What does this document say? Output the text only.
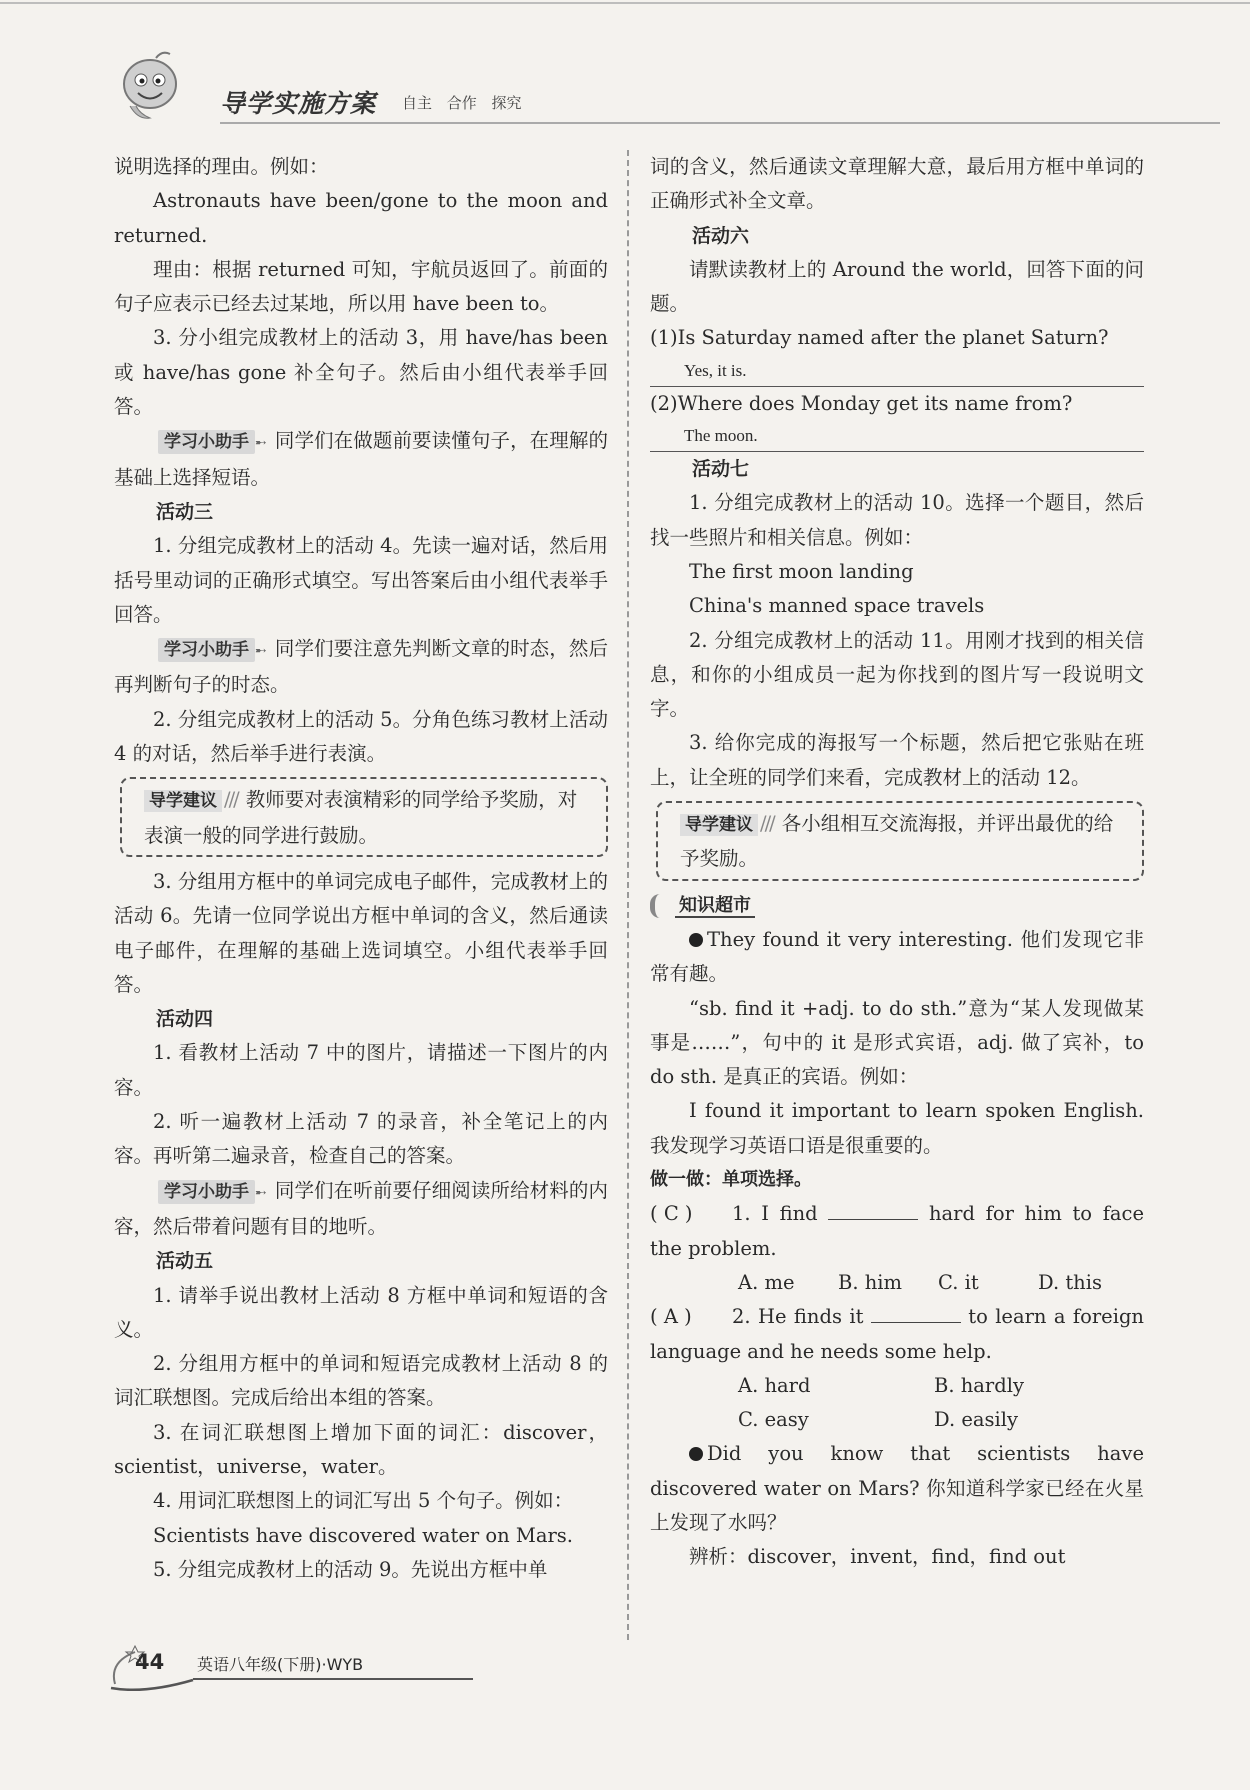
导学实施方案 自主 合作 探究

说明选择的理由。例如：

Astronauts have been/gone to the moon and returned.

理由：根据 returned 可知，宇航员返回了。前面的句子应表示已经去过某地，所以用 have been to。

3. 分小组完成教材上的活动 3，用 have/has been 或 have/has gone 补全句子。然后由小组代表举手回答。

学习小助手 ➸ 同学们在做题前要读懂句子，在理解的基础上选择短语。

活动三

1. 分组完成教材上的活动 4。先读一遍对话，然后用括号里动词的正确形式填空。写出答案后由小组代表举手回答。

学习小助手 ➸ 同学们要注意先判断文章的时态，然后再判断句子的时态。

2. 分组完成教材上的活动 5。分角色练习教材上活动 4 的对话，然后举手进行表演。

导学建议 /// 教师要对表演精彩的同学给予奖励，对表演一般的同学进行鼓励。

3. 分组用方框中的单词完成电子邮件，完成教材上的活动 6。先请一位同学说出方框中单词的含义，然后通读电子邮件，在理解的基础上选词填空。小组代表举手回答。

活动四

1. 看教材上活动 7 中的图片，请描述一下图片的内容。

2. 听一遍教材上活动 7 的录音，补全笔记上的内容。再听第二遍录音，检查自己的答案。

学习小助手 ➸ 同学们在听前要仔细阅读所给材料的内容，然后带着问题有目的地听。

活动五

1. 请举手说出教材上活动 8 方框中单词和短语的含义。

2. 分组用方框中的单词和短语完成教材上活动 8 的词汇联想图。完成后给出本组的答案。

3. 在词汇联想图上增加下面的词汇：discover，scientist，universe，water。

4. 用词汇联想图上的词汇写出 5 个句子。例如：

Scientists have discovered water on Mars.

5. 分组完成教材上的活动 9。先说出方框中单

词的含义，然后通读文章理解大意，最后用方框中单词的正确形式补全文章。

活动六

请默读教材上的 Around the world，回答下面的问题。

(1)Is Saturday named after the planet Saturn?

Yes, it is.

(2)Where does Monday get its name from?

The moon.

活动七

1. 分组完成教材上的活动 10。选择一个题目，然后找一些照片和相关信息。例如：

The first moon landing

China's manned space travels

2. 分组完成教材上的活动 11。用刚才找到的相关信息，和你的小组成员一起为你找到的图片写一段说明文字。

3. 给你完成的海报写一个标题，然后把它张贴在班上，让全班的同学们来看，完成教材上的活动 12。

导学建议 /// 各小组相互交流海报，并评出最优的给予奖励。
知识超市

They found it very interesting. 他们发现它非常有趣。

“sb. find it +adj. to do sth.”意为“某人发现做某事是……”，句中的 it 是形式宾语，adj. 做了宾补，to do sth. 是真正的宾语。例如：

I found it important to learn spoken English. 我发现学习英语口语是很重要的。

做一做：单项选择。

( C ) 1. I find	hard for him to face the problem.

A. me B. him C. it	D. this

( A ) 2. He finds it	to learn a foreign language and he needs some help.

A. hard	B. hardly
C. easy	D. easily

Did you know that scientists have discovered water on Mars? 你知道科学家已经在火星上发现了水吗？

辨析：discover，invent，find，find out

44 英语八年级(下册)·WYB
